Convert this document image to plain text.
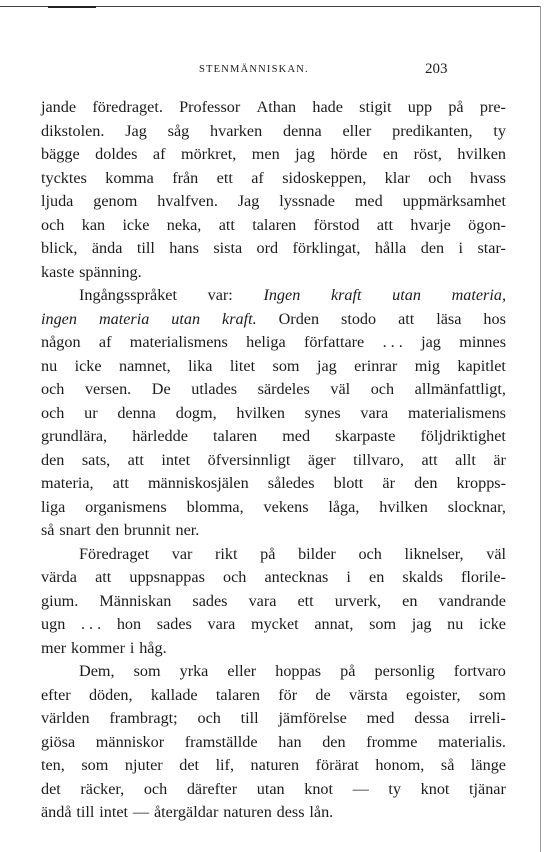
STENMÄNNISKAN.	203
jande föredraget. Professor Athan hade stigit upp på pre-
dikstolen. Jag såg hvarken denna eller predikanten, ty
bägge doldes af mörkret, men jag hörde en röst, hvilken
tycktes komma från ett af sidoskeppen, klar och hvass
ljuda genom hvalfven. Jag lyssnade med uppmärksamhet
och kan icke neka, att talaren förstod att hvarje ögon-
blick, ända till hans sista ord förklingat, hålla den i star-
kaste spänning.
Ingångsspråket var: Ingen kraft utan materia,
ingen materia utan kraft. Orden stodo att läsa hos
någon af materialismens heliga författare . . . jag minnes
nu icke namnet, lika litet som jag erinrar mig kapitlet
och versen. De utlades särdeles väl och allmänfattligt,
och ur denna dogm, hvilken synes vara materialismens
grundlära, härledde talaren med skarpaste följdriktighet
den sats, att intet öfversinnligt äger tillvaro, att allt är
materia, att människosjälen således blott är den kropps-
liga organismens blomma, vekens låga, hvilken slocknar,
så snart den brunnit ner.
Föredraget var rikt på bilder och liknelser, väl
värda att uppsnappas och antecknas i en skalds florile-
gium. Människan sades vara ett urverk, en vandrande
ugn . . . hon sades vara mycket annat, som jag nu icke
mer kommer i håg.
Dem, som yrka eller hoppas på personlig fortvaro
efter döden, kallade talaren för de värsta egoister, som
världen frambragt; och till jämförelse med dessa irreli-
giösa människor framställde han den fromme materialis.
ten, som njuter det lif, naturen förärat honom, så länge
det räcker, och därefter utan knot — ty knot tjänar
ändå till intet — återgäldar naturen dess lån.
